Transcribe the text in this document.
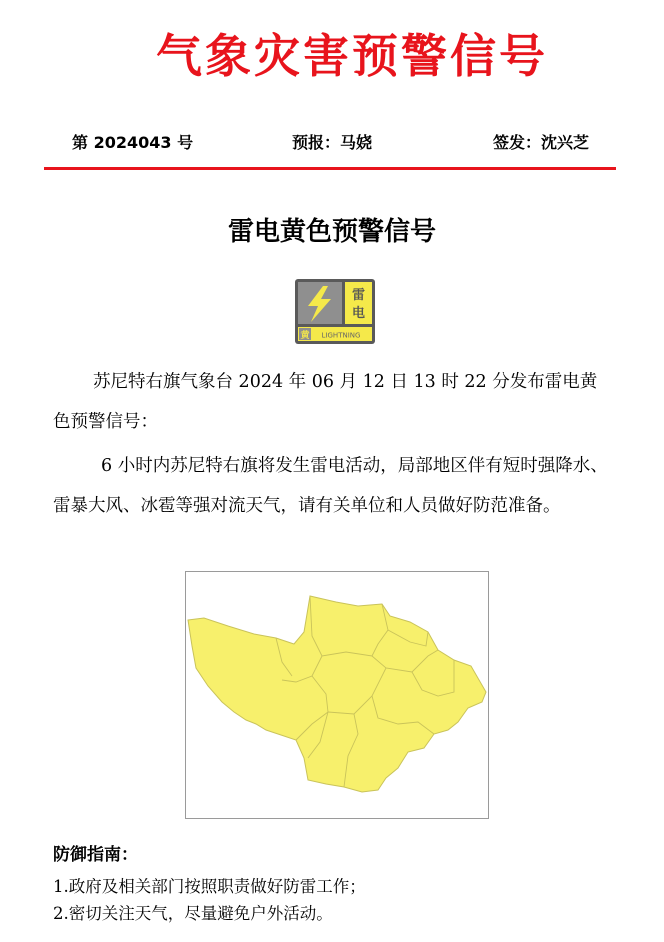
气象灾害预警信号
第 2024043 号	预报：马娆	签发：沈兴芝
雷电黄色预警信号
雷
电
黄 LIGHTNING

苏尼特右旗气象台 2024 年 06 月 12 日 13 时 22 分发布雷电黄色预警信号：

6 小时内苏尼特右旗将发生雷电活动，局部地区伴有短时强降水、雷暴大风、冰雹等强对流天气，请有关单位和人员做好防范准备。

防御指南：
1.政府及相关部门按照职责做好防雷工作；
2.密切关注天气，尽量避免户外活动。
